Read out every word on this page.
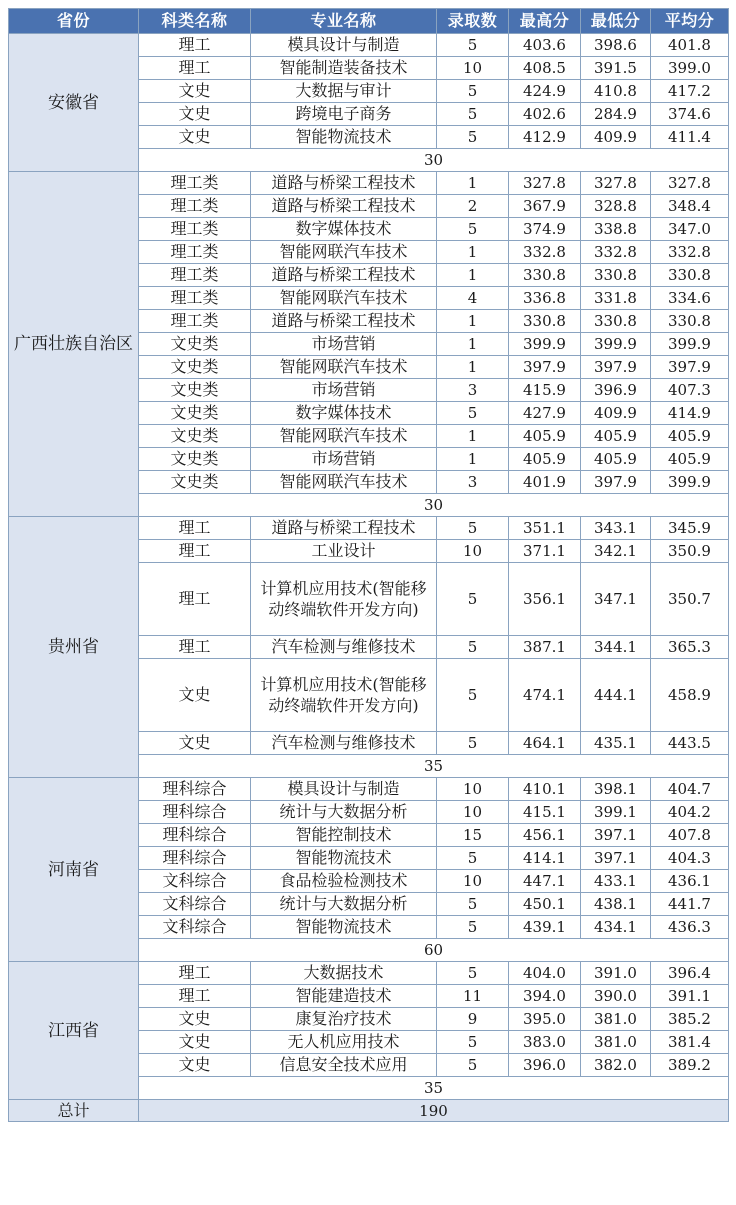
省份	科类名称	专业名称	录取数	最高分	最低分	平均分
安徽省	理工	模具设计与制造	5	403.6	398.6	401.8
	理工	智能制造装备技术	10	408.5	391.5	399.0
	文史	大数据与审计	5	424.9	410.8	417.2
	文史	跨境电子商务	5	402.6	284.9	374.6
	文史	智能物流技术	5	412.9	409.9	411.4
	30					
广西壮族自治区	理工类	道路与桥梁工程技术	1	327.8	327.8	327.8
	理工类	道路与桥梁工程技术	2	367.9	328.8	348.4
	理工类	数字媒体技术	5	374.9	338.8	347.0
	理工类	智能网联汽车技术	1	332.8	332.8	332.8
	理工类	道路与桥梁工程技术	1	330.8	330.8	330.8
	理工类	智能网联汽车技术	4	336.8	331.8	334.6
	理工类	道路与桥梁工程技术	1	330.8	330.8	330.8
	文史类	市场营销	1	399.9	399.9	399.9
	文史类	智能网联汽车技术	1	397.9	397.9	397.9
	文史类	市场营销	3	415.9	396.9	407.3
	文史类	数字媒体技术	5	427.9	409.9	414.9
	文史类	智能网联汽车技术	1	405.9	405.9	405.9
	文史类	市场营销	1	405.9	405.9	405.9
	文史类	智能网联汽车技术	3	401.9	397.9	399.9
	30					
贵州省	理工	道路与桥梁工程技术	5	351.1	343.1	345.9
	理工	工业设计	10	371.1	342.1	350.9
	理工	计算机应用技术(智能移动终端软件开发方向)	5	356.1	347.1	350.7
	理工	汽车检测与维修技术	5	387.1	344.1	365.3
	文史	计算机应用技术(智能移动终端软件开发方向)	5	474.1	444.1	458.9
	文史	汽车检测与维修技术	5	464.1	435.1	443.5
	35					
河南省	理科综合	模具设计与制造	10	410.1	398.1	404.7
	理科综合	统计与大数据分析	10	415.1	399.1	404.2
	理科综合	智能控制技术	15	456.1	397.1	407.8
	理科综合	智能物流技术	5	414.1	397.1	404.3
	文科综合	食品检验检测技术	10	447.1	433.1	436.1
	文科综合	统计与大数据分析	5	450.1	438.1	441.7
	文科综合	智能物流技术	5	439.1	434.1	436.3
	60					
江西省	理工	大数据技术	5	404.0	391.0	396.4
	理工	智能建造技术	11	394.0	390.0	391.1
	文史	康复治疗技术	9	395.0	381.0	385.2
	文史	无人机应用技术	5	383.0	381.0	381.4
	文史	信息安全技术应用	5	396.0	382.0	389.2
	35					
总计	190					
